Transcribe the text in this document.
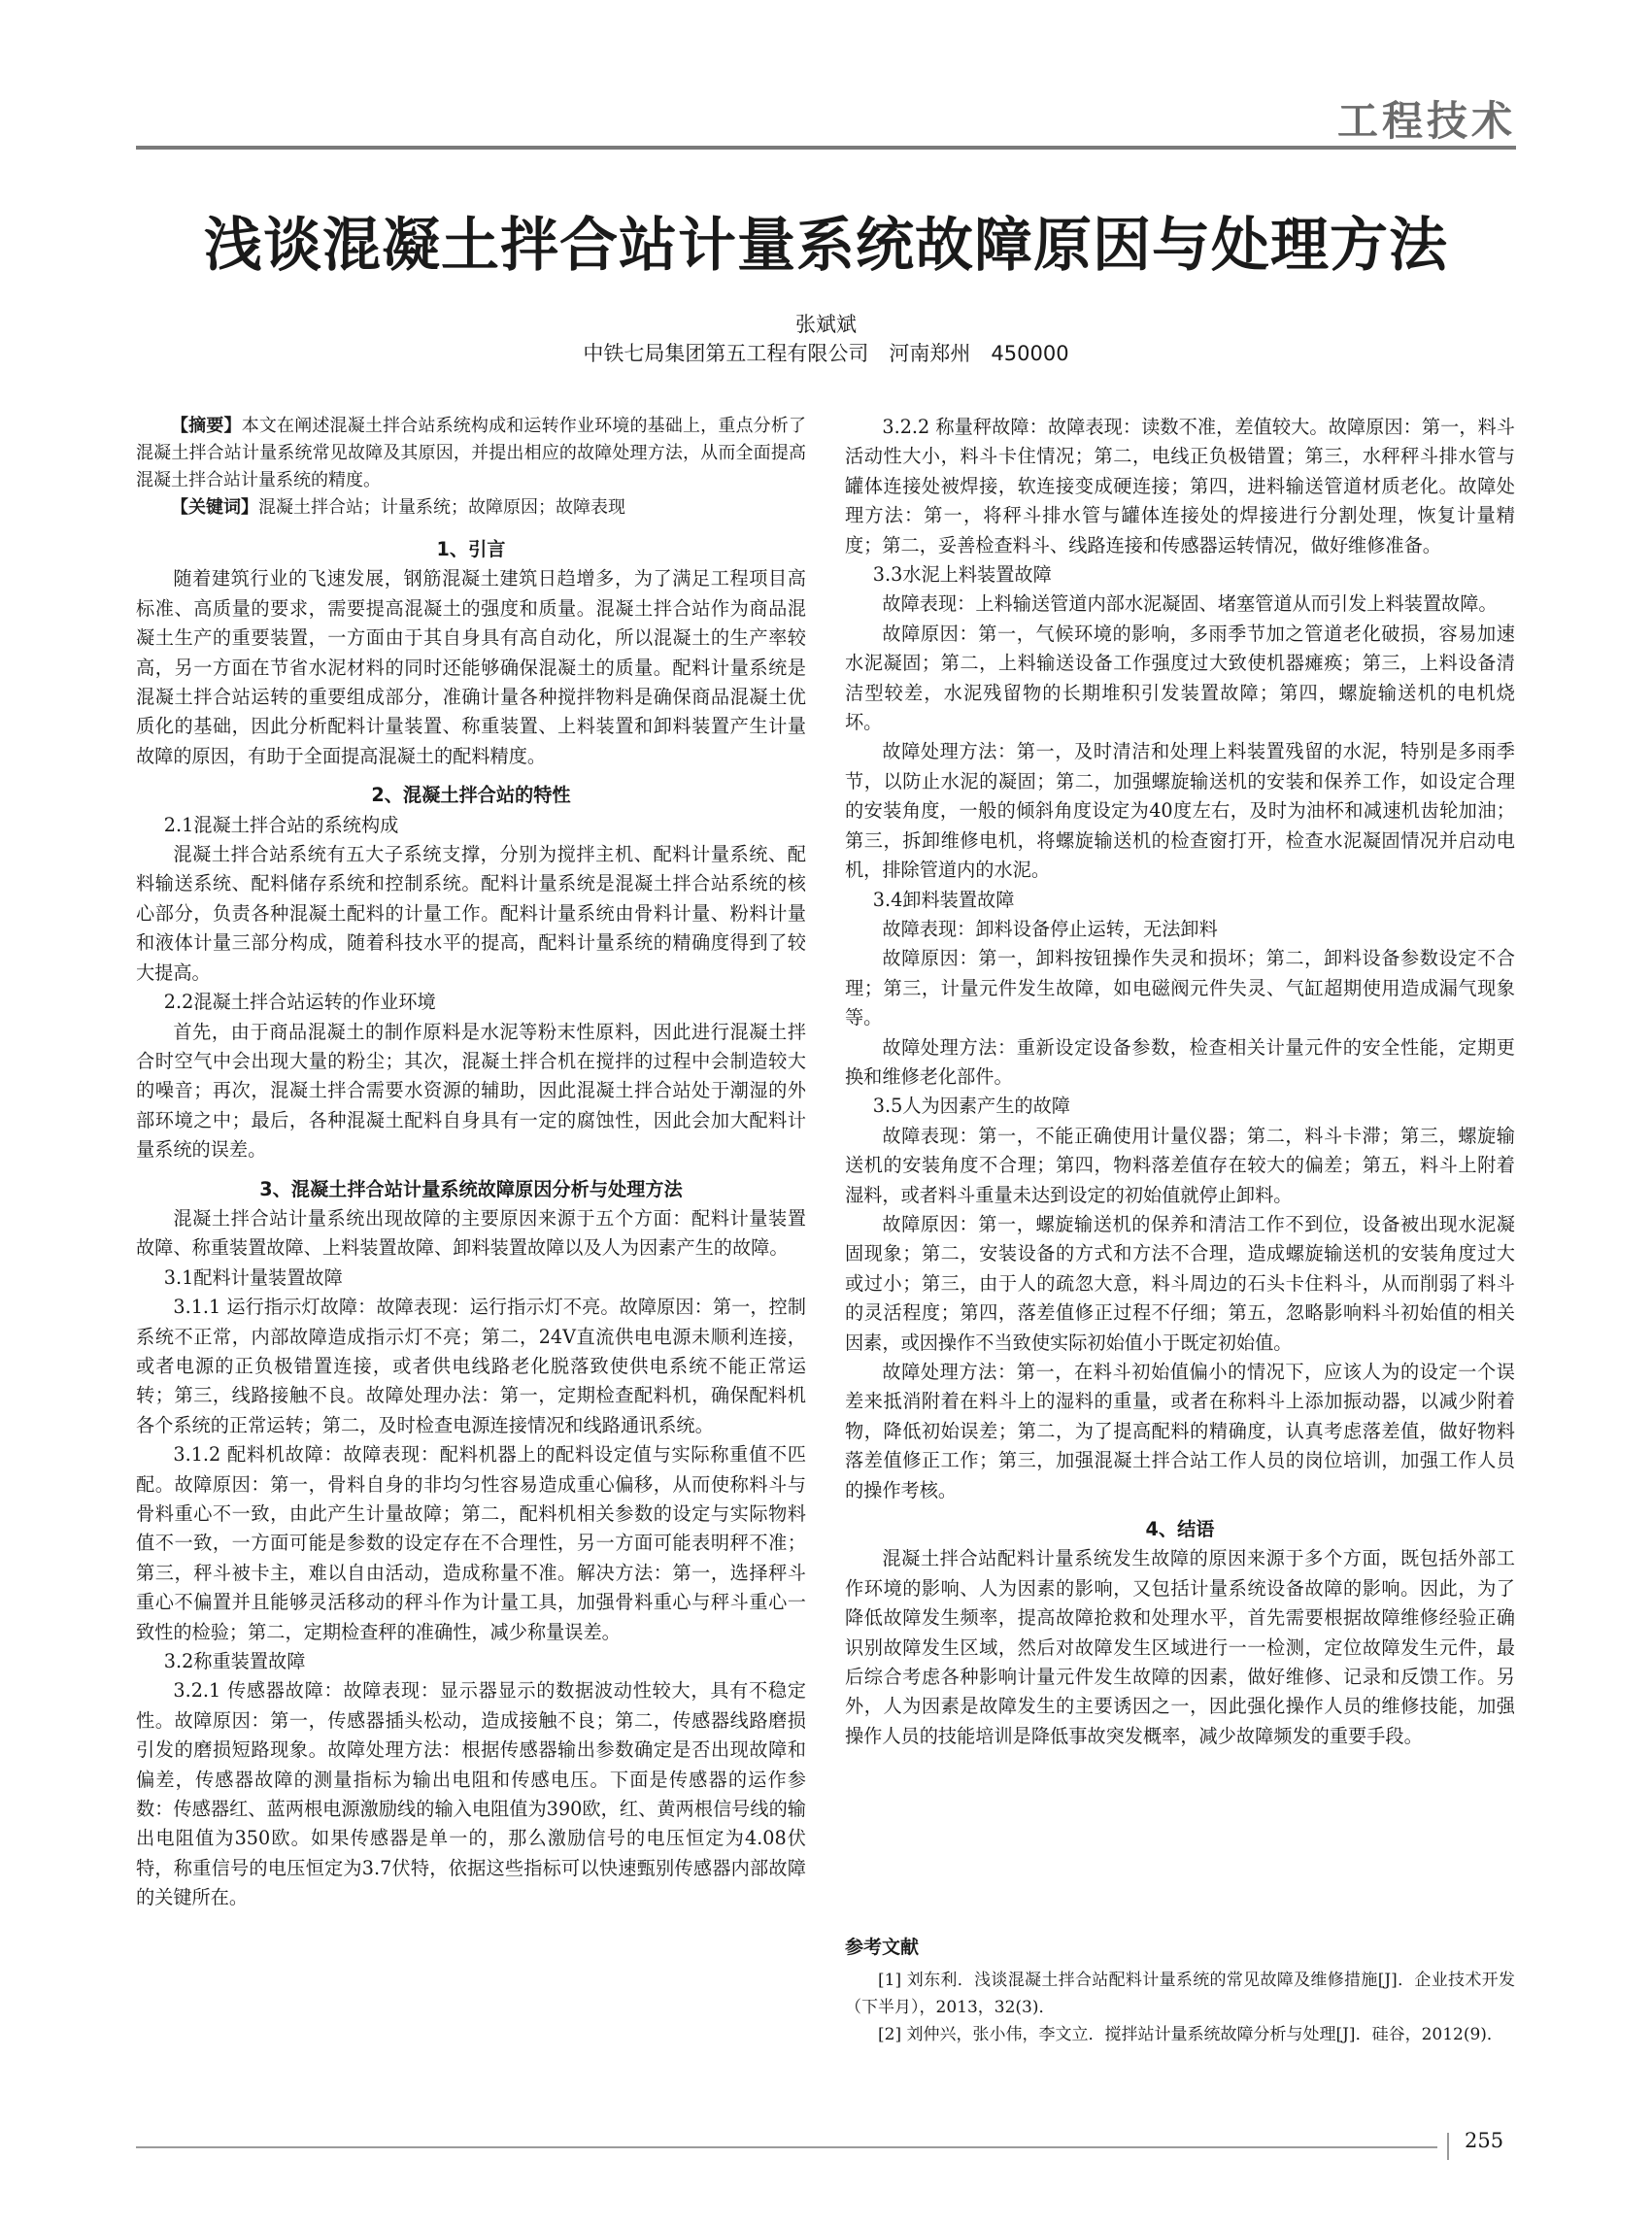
工程技术
浅谈混凝土拌合站计量系统故障原因与处理方法
张斌斌
中铁七局集团第五工程有限公司　河南郑州　450000

【摘要】本文在阐述混凝土拌合站系统构成和运转作业环境的基础上，重点分析了混凝土拌合站计量系统常见故障及其原因，并提出相应的故障处理方法，从而全面提高混凝土拌合站计量系统的精度。

【关键词】混凝土拌合站；计量系统；故障原因；故障表现

1、引言

随着建筑行业的飞速发展，钢筋混凝土建筑日趋增多，为了满足工程项目高标准、高质量的要求，需要提高混凝土的强度和质量。混凝土拌合站作为商品混凝土生产的重要装置，一方面由于其自身具有高自动化，所以混凝土的生产率较高，另一方面在节省水泥材料的同时还能够确保混凝土的质量。配料计量系统是混凝土拌合站运转的重要组成部分，准确计量各种搅拌物料是确保商品混凝土优质化的基础，因此分析配料计量装置、称重装置、上料装置和卸料装置产生计量故障的原因，有助于全面提高混凝土的配料精度。

2、混凝土拌合站的特性

2.1混凝土拌合站的系统构成

混凝土拌合站系统有五大子系统支撑，分别为搅拌主机、配料计量系统、配料输送系统、配料储存系统和控制系统。配料计量系统是混凝土拌合站系统的核心部分，负责各种混凝土配料的计量工作。配料计量系统由骨料计量、粉料计量和液体计量三部分构成，随着科技水平的提高，配料计量系统的精确度得到了较大提高。

2.2混凝土拌合站运转的作业环境

首先，由于商品混凝土的制作原料是水泥等粉末性原料，因此进行混凝土拌合时空气中会出现大量的粉尘；其次，混凝土拌合机在搅拌的过程中会制造较大的噪音；再次，混凝土拌合需要水资源的辅助，因此混凝土拌合站处于潮湿的外部环境之中；最后，各种混凝土配料自身具有一定的腐蚀性，因此会加大配料计量系统的误差。

3、混凝土拌合站计量系统故障原因分析与处理方法

混凝土拌合站计量系统出现故障的主要原因来源于五个方面：配料计量装置故障、称重装置故障、上料装置故障、卸料装置故障以及人为因素产生的故障。

3.1配料计量装置故障

3.1.1 运行指示灯故障：故障表现：运行指示灯不亮。故障原因：第一，控制系统不正常，内部故障造成指示灯不亮；第二，24V直流供电电源未顺利连接，或者电源的正负极错置连接，或者供电线路老化脱落致使供电系统不能正常运转；第三，线路接触不良。故障处理办法：第一，定期检查配料机，确保配料机各个系统的正常运转；第二，及时检查电源连接情况和线路通讯系统。

3.1.2 配料机故障：故障表现：配料机器上的配料设定值与实际称重值不匹配。故障原因：第一，骨料自身的非均匀性容易造成重心偏移，从而使称料斗与骨料重心不一致，由此产生计量故障；第二，配料机相关参数的设定与实际物料值不一致，一方面可能是参数的设定存在不合理性，另一方面可能表明秤不准；第三，秤斗被卡主，难以自由活动，造成称量不准。解决方法：第一，选择秤斗重心不偏置并且能够灵活移动的秤斗作为计量工具，加强骨料重心与秤斗重心一致性的检验；第二，定期检查秤的准确性，减少称量误差。

3.2称重装置故障

3.2.1 传感器故障：故障表现：显示器显示的数据波动性较大，具有不稳定性。故障原因：第一，传感器插头松动，造成接触不良；第二，传感器线路磨损引发的磨损短路现象。故障处理方法：根据传感器输出参数确定是否出现故障和偏差，传感器故障的测量指标为输出电阻和传感电压。下面是传感器的运作参数：传感器红、蓝两根电源激励线的输入电阻值为390欧，红、黄两根信号线的输出电阻值为350欧。如果传感器是单一的，那么激励信号的电压恒定为4.08伏特，称重信号的电压恒定为3.7伏特，依据这些指标可以快速甄别传感器内部故障的关键所在。

3.2.2 称量秤故障：故障表现：读数不准，差值较大。故障原因：第一，料斗活动性大小，料斗卡住情况；第二，电线正负极错置；第三，水秤秤斗排水管与罐体连接处被焊接，软连接变成硬连接；第四，进料输送管道材质老化。故障处理方法：第一，将秤斗排水管与罐体连接处的焊接进行分割处理，恢复计量精度；第二，妥善检查料斗、线路连接和传感器运转情况，做好维修准备。

3.3水泥上料装置故障

故障表现：上料输送管道内部水泥凝固、堵塞管道从而引发上料装置故障。

故障原因：第一，气候环境的影响，多雨季节加之管道老化破损，容易加速水泥凝固；第二，上料输送设备工作强度过大致使机器瘫痪；第三，上料设备清洁型较差，水泥残留物的长期堆积引发装置故障；第四，螺旋输送机的电机烧坏。

故障处理方法：第一，及时清洁和处理上料装置残留的水泥，特别是多雨季节，以防止水泥的凝固；第二，加强螺旋输送机的安装和保养工作，如设定合理的安装角度，一般的倾斜角度设定为40度左右，及时为油杯和减速机齿轮加油；第三，拆卸维修电机，将螺旋输送机的检查窗打开，检查水泥凝固情况并启动电机，排除管道内的水泥。

3.4卸料装置故障

故障表现：卸料设备停止运转，无法卸料

故障原因：第一，卸料按钮操作失灵和损坏；第二，卸料设备参数设定不合理；第三，计量元件发生故障，如电磁阀元件失灵、气缸超期使用造成漏气现象等。

故障处理方法：重新设定设备参数，检查相关计量元件的安全性能，定期更换和维修老化部件。

3.5人为因素产生的故障

故障表现：第一，不能正确使用计量仪器；第二，料斗卡滞；第三，螺旋输送机的安装角度不合理；第四，物料落差值存在较大的偏差；第五，料斗上附着湿料，或者料斗重量未达到设定的初始值就停止卸料。

故障原因：第一，螺旋输送机的保养和清洁工作不到位，设备被出现水泥凝固现象；第二，安装设备的方式和方法不合理，造成螺旋输送机的安装角度过大或过小；第三，由于人的疏忽大意，料斗周边的石头卡住料斗，从而削弱了料斗的灵活程度；第四，落差值修正过程不仔细；第五，忽略影响料斗初始值的相关因素，或因操作不当致使实际初始值小于既定初始值。

故障处理方法：第一，在料斗初始值偏小的情况下，应该人为的设定一个误差来抵消附着在料斗上的湿料的重量，或者在称料斗上添加振动器，以减少附着物，降低初始误差；第二，为了提高配料的精确度，认真考虑落差值，做好物料落差值修正工作；第三，加强混凝土拌合站工作人员的岗位培训，加强工作人员的操作考核。

4、结语

混凝土拌合站配料计量系统发生故障的原因来源于多个方面，既包括外部工作环境的影响、人为因素的影响，又包括计量系统设备故障的影响。因此，为了降低故障发生频率，提高故障抢救和处理水平，首先需要根据故障维修经验正确识别故障发生区域，然后对故障发生区域进行一一检测，定位故障发生元件，最后综合考虑各种影响计量元件发生故障的因素，做好维修、记录和反馈工作。另外，人为因素是故障发生的主要诱因之一，因此强化操作人员的维修技能，加强操作人员的技能培训是降低事故突发概率，减少故障频发的重要手段。

参考文献
[1] 刘东利．浅谈混凝土拌合站配料计量系统的常见故障及维修措施[J]．企业技术开发（下半月），2013，32(3)．
[2] 刘仲兴，张小伟，李文立．搅拌站计量系统故障分析与处理[J]．硅谷，2012(9)．
255
